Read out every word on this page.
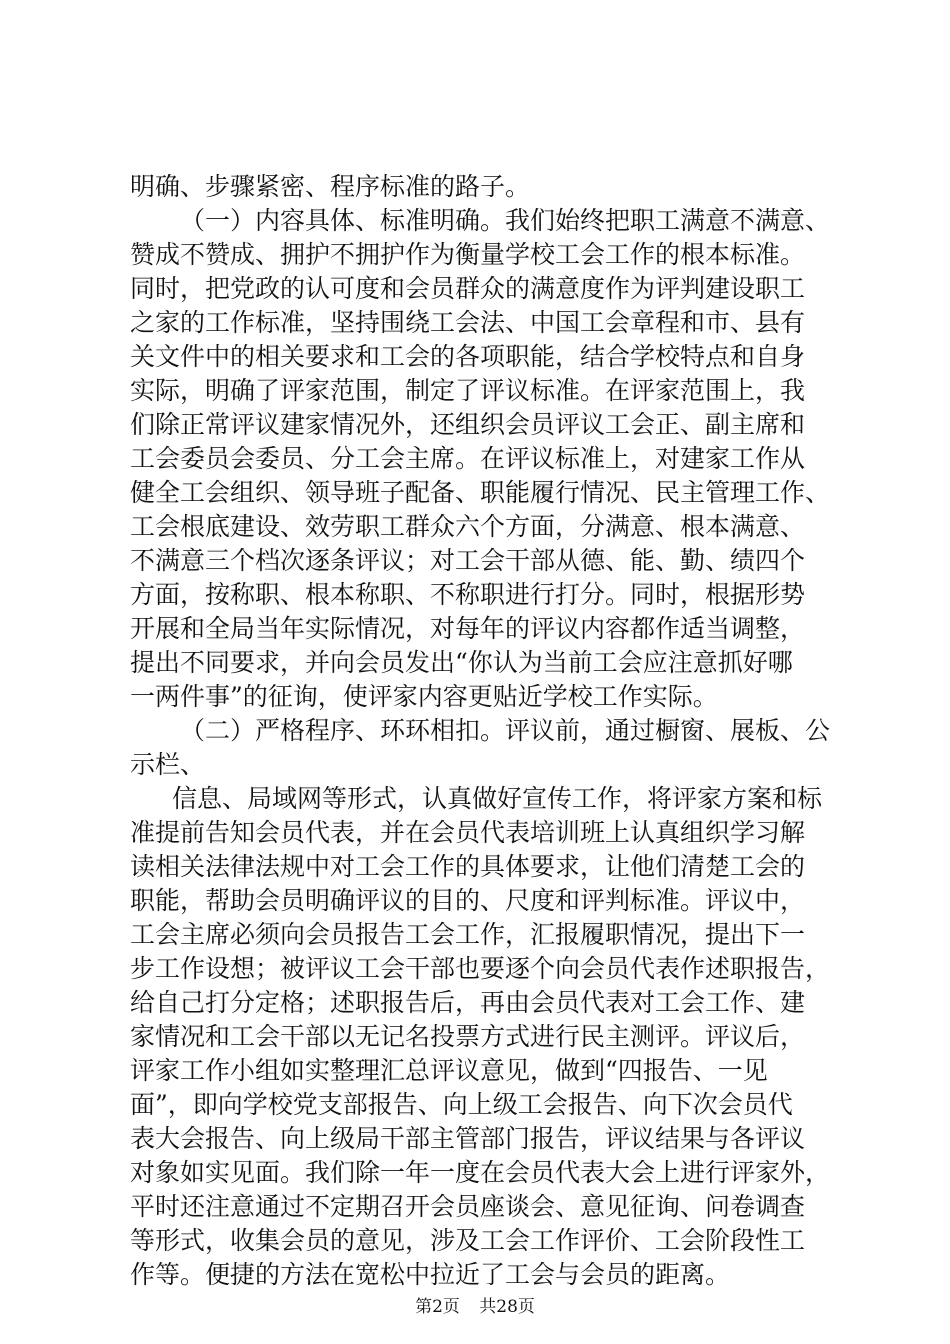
明确、步骤紧密、程序标准的路子。
（一）内容具体、标准明确。我们始终把职工满意不满意、
赞成不赞成、拥护不拥护作为衡量学校工会工作的根本标准。
同时，把党政的认可度和会员群众的满意度作为评判建设职工
之家的工作标准，坚持围绕工会法、中国工会章程和市、县有
关文件中的相关要求和工会的各项职能，结合学校特点和自身
实际，明确了评家范围，制定了评议标准。在评家范围上，我
们除正常评议建家情况外，还组织会员评议工会正、副主席和
工会委员会委员、分工会主席。在评议标准上，对建家工作从
健全工会组织、领导班子配备、职能履行情况、民主管理工作、
工会根底建设、效劳职工群众六个方面，分满意、根本满意、
不满意三个档次逐条评议；对工会干部从德、能、勤、绩四个
方面，按称职、根本称职、不称职进行打分。同时，根据形势
开展和全局当年实际情况，对每年的评议内容都作适当调整，
提出不同要求，并向会员发出“你认为当前工会应注意抓好哪
一两件事”的征询，使评家内容更贴近学校工作实际。
（二）严格程序、环环相扣。评议前，通过橱窗、展板、公
示栏、
信息、局域网等形式，认真做好宣传工作，将评家方案和标
准提前告知会员代表，并在会员代表培训班上认真组织学习解
读相关法律法规中对工会工作的具体要求，让他们清楚工会的
职能，帮助会员明确评议的目的、尺度和评判标准。评议中，
工会主席必须向会员报告工会工作，汇报履职情况，提出下一
步工作设想；被评议工会干部也要逐个向会员代表作述职报告，
给自己打分定格；述职报告后，再由会员代表对工会工作、建
家情况和工会干部以无记名投票方式进行民主测评。评议后，
评家工作小组如实整理汇总评议意见，做到“四报告、一见
面”，即向学校党支部报告、向上级工会报告、向下次会员代
表大会报告、向上级局干部主管部门报告，评议结果与各评议
对象如实见面。我们除一年一度在会员代表大会上进行评家外，
平时还注意通过不定期召开会员座谈会、意见征询、问卷调查
等形式，收集会员的意见，涉及工会工作评价、工会阶段性工
作等。便捷的方法在宽松中拉近了工会与会员的距离。
第2页   共28页
